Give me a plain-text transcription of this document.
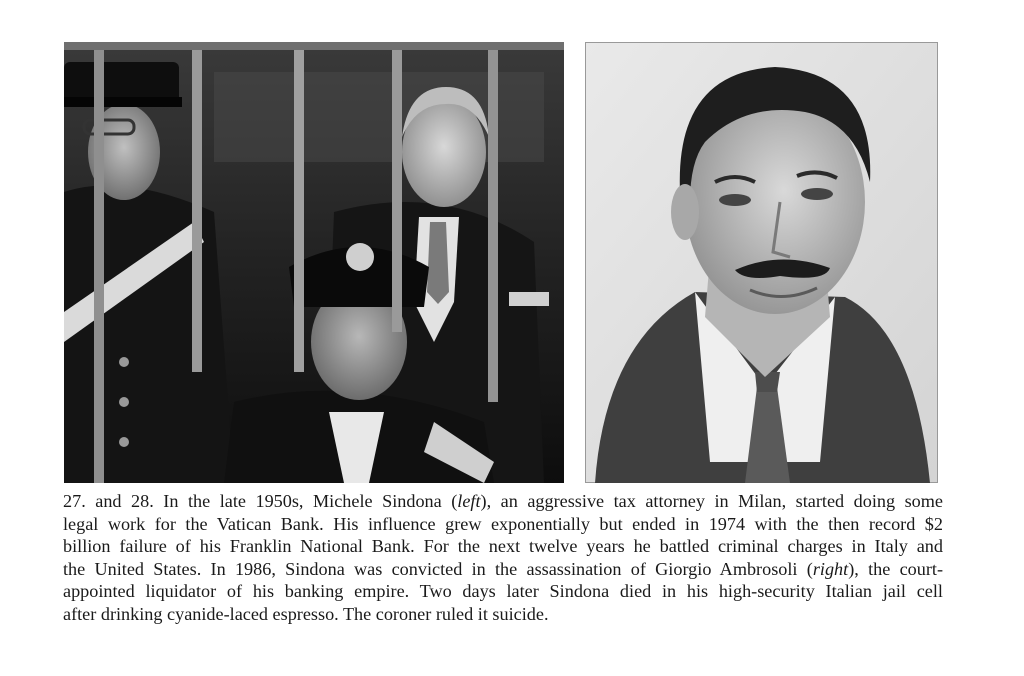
27. and 28. In the late 1950s, Michele Sindona (left), an aggressive tax attorney in Milan, started doing some
legal work for the Vatican Bank. His influence grew exponentially but ended in 1974 with the then record $2
billion failure of his Franklin National Bank. For the next twelve years he battled criminal charges in Italy and
the United States. In 1986, Sindona was convicted in the assassination of Giorgio Ambrosoli (right), the court-
appointed liquidator of his banking empire. Two days later Sindona died in his high-security Italian jail cell
after drinking cyanide-laced espresso. The coroner ruled it suicide.
